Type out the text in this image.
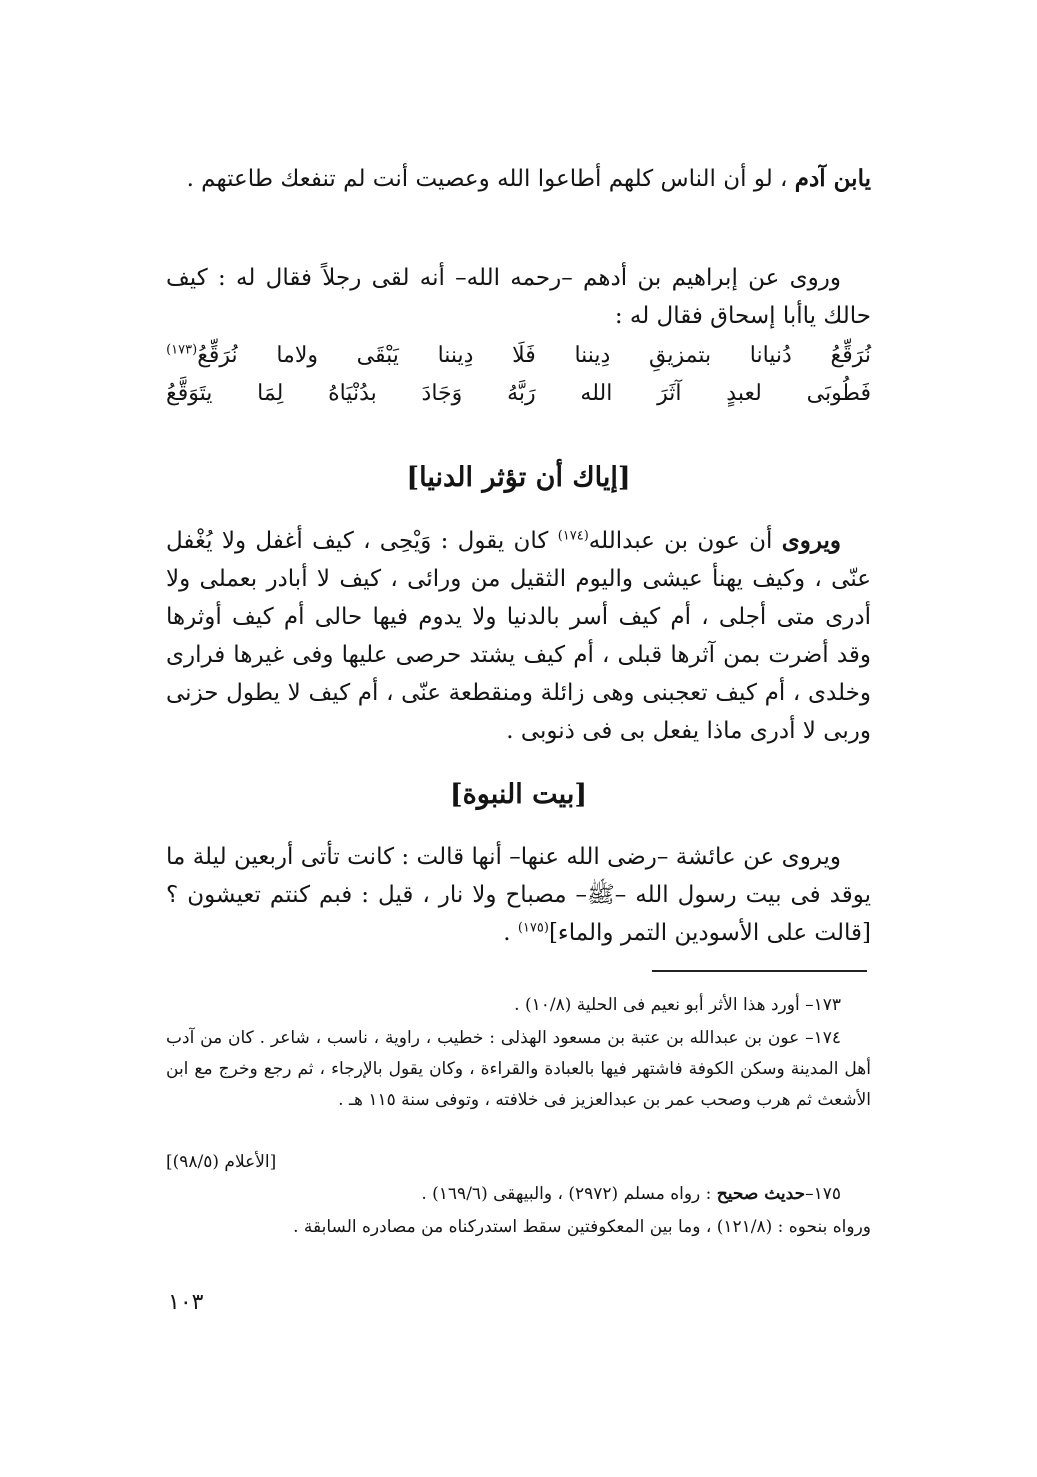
يابن آدم ، لو أن الناس كلهم أطاعوا الله وعصيت أنت لم تنفعك طاعتهم .

وروى عن إبراهيم بن أدهم –رحمه الله– أنه لقى رجلاً فقال له : كيف حالك ياأبا إسحاق فقال له :

نُرَقِّعُ
دُنيانا
بتمزيقِ
دِيننا
فَلَا
دِيننا
يَبْقَى
ولاما
نُرَقِّعُ$^{(١٧٣)}$
فَطُوبَى
لعبدٍ
آثَرَ
الله
رَبَّهُ
وَجَادَ
بدُنْيَاهُ
لِمَا
يتَوَقَّعُ
[إياك أن تؤثر الدنيا]

ويروى أن عون بن عبدالله$^{(١٧٤)}$ كان يقول : وَيْحِى ، كيف أغفل ولا يُغْفل عنّى ، وكيف يهنأ عيشى واليوم الثقيل من ورائى ، كيف لا أبادر بعملى ولا أدرى متى أجلى ، أم كيف أسر بالدنيا ولا يدوم فيها حالى أم كيف أوثرها وقد أضرت بمن آثرها قبلى ، أم كيف يشتد حرصى عليها وفى غيرها فرارى وخلدى ، أم كيف تعجبنى وهى زائلة ومنقطعة عنّى ، أم كيف لا يطول حزنى وربى لا أدرى ماذا يفعل بى فى ذنوبى .

[بيت النبوة]

ويروى عن عائشة –رضى الله عنها– أنها قالت : كانت تأتى أربعين ليلة ما يوقد فى بيت رسول الله –ﷺ– مصباح ولا نار ، قيل : فبم كنتم تعيشون ؟ [قالت على الأسودين التمر والماء]$^{(١٧٥)}$ .

١٧٣– أورد هذا الأثر أبو نعيم فى الحلية (١٠/٨) .

١٧٤– عون بن عبدالله بن عتبة بن مسعود الهذلى : خطيب ، راوية ، ناسب ، شاعر . كان من آدب أهل المدينة وسكن الكوفة فاشتهر فيها بالعبادة والقراءة ، وكان يقول بالإرجاء ، ثم رجع وخرج مع ابن الأشعث ثم هرب وصحب عمر بن عبدالعزيز فى خلافته ، وتوفى سنة ١١٥ هـ .

[الأعلام (٩٨/٥)]

١٧٥–حديث صحيح : رواه مسلم (٢٩٧٢) ، والبيهقى (١٦٩/٦) .

ورواه بنحوه : (١٢١/٨) ، وما بين المعكوفتين سقط استدركناه من مصادره السابقة .

١٠٣
